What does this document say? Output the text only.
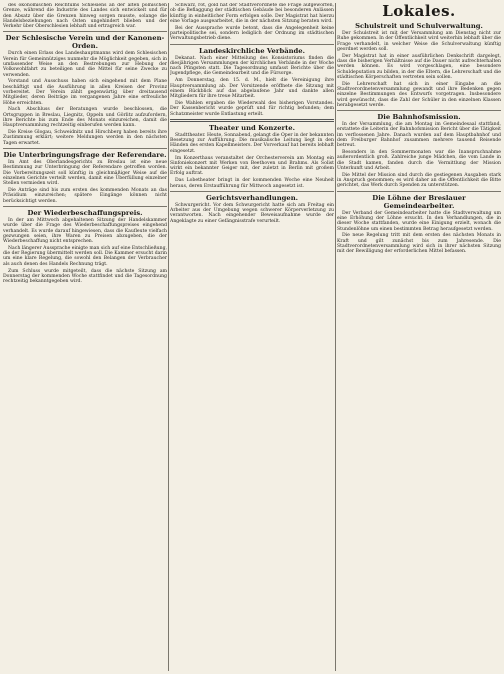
des ökonomischen Reichtums Schlesiens an der alten polnischen Grenze, während die Industrie des Landes sich entwickelt und für den Absatz über die Grenzen hinweg sorgen musste, solange die Handelsbeziehungen nach Osten ungehindert blieben und der Verkehr über Oberschlesien lebhaft und ertragreich war.

Der Schlesische Verein und der Kanonen-Orden.

Durch einen Erlass des Landeshauptmanns wird dem Schlesischen Verein für Gemeinnütziges nunmehr die Möglichkeit gegeben, sich in umfassender Weise an den Bestrebungen zur Hebung der Volkswohlfahrt zu beteiligen und die Mittel für seine Zwecke zu verwenden.

Vorstand und Ausschuss haben sich eingehend mit dem Plane beschäftigt und die Ausführung in allen Kreisen der Provinz vorbereitet. Der Verein zählt gegenwärtig über dreitausend Mitglieder, deren Beiträge im vergangenen Jahre eine erfreuliche Höhe erreichten.

Nach Abschluss der Beratungen wurde beschlossen, die Ortsgruppen in Breslau, Liegnitz, Oppeln und Görlitz aufzufordern, ihre Berichte bis zum Ende des Monats einzureichen, damit die Hauptversammlung rechtzeitig einberufen werden kann.

Die Kreise Glogau, Schweidnitz und Hirschberg haben bereits ihre Zustimmung erklärt; weitere Meldungen werden in den nächsten Tagen erwartet.

Die Unterbringungsfrage der Referendare.

Im Amt des Oberlandesgerichts zu Breslau ist eine neue Bestimmung zur Unterbringung der Referendare getroffen worden. Die Vorbereitungszeit soll künftig in gleichmäßiger Weise auf die einzelnen Gerichte verteilt werden, damit eine Überfüllung einzelner Stellen vermieden wird.

Die Anträge sind bis zum ersten des kommenden Monats an das Präsidium einzureichen; spätere Eingänge können nicht berücksichtigt werden.

Der Wiederbeschaffungspreis.

In der am Mittwoch abgehaltenen Sitzung der Handelskammer wurde über die Frage des Wiederbeschaffungspreises eingehend verhandelt. Es wurde darauf hingewiesen, dass die Kaufleute vielfach gezwungen seien, ihre Waren zu Preisen abzugeben, die der Wiederbeschaffung nicht entsprechen.

Nach längerer Aussprache einigte man sich auf eine Entschließung, die der Regierung übermittelt werden soll. Die Kammer ersucht darin um eine klare Regelung, die sowohl den Belangen der Verbraucher als auch denen des Handels Rechnung trägt.

Zum Schluss wurde mitgeteilt, dass die nächste Sitzung am Donnerstag der kommenden Woche stattfindet und die Tagesordnung rechtzeitig bekanntgegeben wird.

Schwarz, rot, gold hat der Stadtverordnete die Frage aufgeworfen, ob die Beflaggung der städtischen Gebäude bei besonderen Anlässen künftig in einheitlicher Form erfolgen solle. Der Magistrat hat hierzu eine Vorlage ausgearbeitet, die in der nächsten Sitzung beraten wird.

Bei der Aussprache wurde betont, dass die Angelegenheit keine parteipolitische sei, sondern lediglich der Ordnung im städtischen Verwaltungsbetrieb diene.

Landeskirchliche Verbände.

Dekanat. Nach einer Mitteilung des Konsistoriums finden die diesjährigen Versammlungen der kirchlichen Verbände in der Woche nach Pfingsten statt. Die Tagesordnung umfasst Berichte über die Jugendpflege, die Gemeindearbeit und die Fürsorge.

Am Donnerstag, den 15. d. M., hielt die Vereinigung ihre Hauptversammlung ab. Der Vorsitzende eröffnete die Sitzung mit einem Rückblick auf das abgelaufene Jahr und dankte allen Mitgliedern für ihre treue Mitarbeit.

Die Wahlen ergaben die Wiederwahl des bisherigen Vorstandes. Der Kassenbericht wurde geprüft und für richtig befunden; dem Schatzmeister wurde Entlastung erteilt.

Theater und Konzerte.

Stadttheater. Heute, Sonnabend, gelangt die Oper in der bekannten Besetzung zur Aufführung. Die musikalische Leitung liegt in den Händen des ersten Kapellmeisters. Der Vorverkauf hat bereits lebhaft eingesetzt.

Im Konzerthaus veranstaltet der Orchesterverein am Montag ein Sinfoniekonzert mit Werken von Beethoven und Brahms. Als Solist wirkt ein bekannter Geiger mit, der zuletzt in Berlin mit großem Erfolg auftrat.

Das Lobetheater bringt in der kommenden Woche eine Neuheit heraus, deren Erstaufführung für Mittwoch angesetzt ist.

Gerichtsverhandlungen.

Schwurgericht. Vor dem Schwurgericht hatte sich am Freitag ein Arbeiter aus der Umgebung wegen schwerer Körperverletzung zu verantworten. Nach eingehender Beweisaufnahme wurde der Angeklagte zu einer Gefängnisstrafe verurteilt.

Lokales.
Schulstreit und Schulverwaltung.

Der Schulstreit ist mit der Versammlung am Dienstag nicht zur Ruhe gekommen. In der Öffentlichkeit wird weiterhin lebhaft über die Frage verhandelt, in welcher Weise die Schulverwaltung künftig geordnet werden soll.

Der Magistrat hat in einer ausführlichen Denkschrift dargelegt, dass die bisherigen Verhältnisse auf die Dauer nicht aufrechterhalten werden können. Es wird vorgeschlagen, eine besondere Schuldeputation zu bilden, in der die Eltern, die Lehrerschaft und die städtischen Körperschaften vertreten sein sollen.

Die Lehrerschaft hat sich in einer Eingabe an die Stadtverordnetenversammlung gewandt und ihre Bedenken gegen einzelne Bestimmungen des Entwurfs vorgetragen. Insbesondere wird gewünscht, dass die Zahl der Schüler in den einzelnen Klassen herabgesetzt werde.

Die Bahnhofsmission.

In der Versammlung, die am Montag im Gemeindesaal stattfand, erstattete die Leiterin der Bahnhofsmission Bericht über die Tätigkeit im verflossenen Jahre. Danach wurden auf dem Hauptbahnhof und dem Freiburger Bahnhof zusammen mehrere tausend Reisende betreut.

Besonders in den Sommermonaten war die Inanspruchnahme außerordentlich groß. Zahlreiche junge Mädchen, die vom Lande in die Stadt kamen, fanden durch die Vermittlung der Mission Unterkunft und Arbeit.

Die Mittel der Mission sind durch die gestiegenen Ausgaben stark in Anspruch genommen; es wird daher an die Öffentlichkeit die Bitte gerichtet, das Werk durch Spenden zu unterstützen.

Die Löhne der Breslauer Gemeindearbeiter.

Der Verband der Gemeindearbeiter hatte die Stadtverwaltung um eine Erhöhung der Löhne ersucht. In den Verhandlungen, die in dieser Woche stattfanden, wurde eine Einigung erzielt, wonach die Stundenlöhne um einen bestimmten Betrag heraufgesetzt werden.

Die neue Regelung tritt mit dem ersten des nächsten Monats in Kraft und gilt zunächst bis zum Jahresende. Die Stadtverordnetenversammlung wird sich in ihrer nächsten Sitzung mit der Bewilligung der erforderlichen Mittel befassen.
